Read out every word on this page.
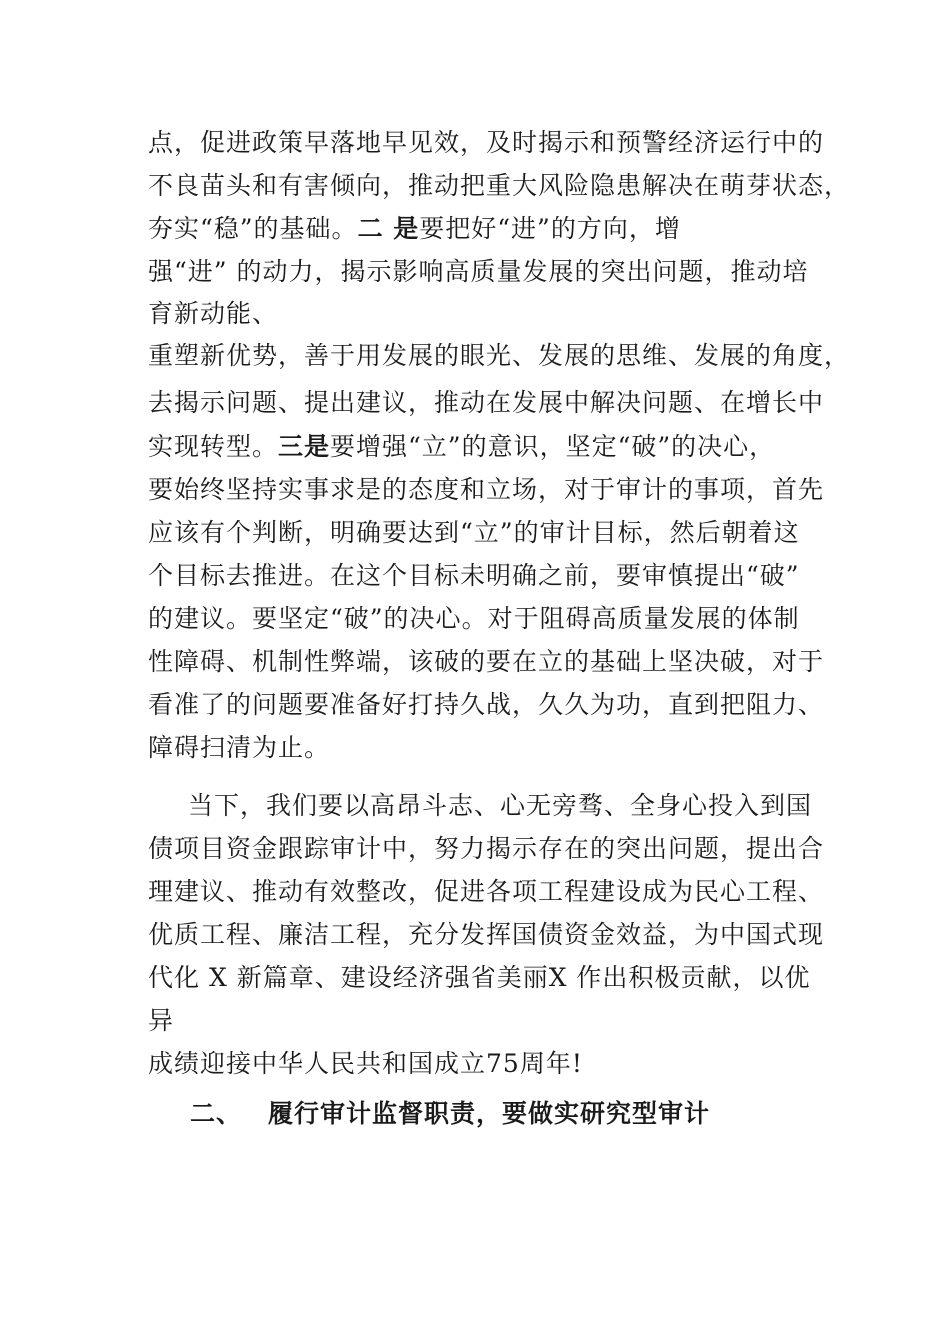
点，促进政策早落地早见效，及时揭示和预警经济运行中的
不良苗头和有害倾向，推动把重大风险隐患解决在萌芽状态，
夯实“稳”的基础。二 是要把好“进”的方向，增
强“进” 的动力，揭示影响高质量发展的突出问题，推动培
育新动能、
重塑新优势，善于用发展的眼光、发展的思维、发展的角度，
去揭示问题、提出建议，推动在发展中解决问题、在增长中
实现转型。三是要增强“立”的意识，坚定“破”的决心，
要始终坚持实事求是的态度和立场，对于审计的事项，首先
应该有个判断，明确要达到“立”的审计目标，然后朝着这
个目标去推进。在这个目标未明确之前，要审慎提出“破”
的建议。要坚定“破”的决心。对于阻碍高质量发展的体制
性障碍、机制性弊端，该破的要在立的基础上坚决破，对于
看准了的问题要准备好打持久战，久久为功，直到把阻力、
障碍扫清为止。
当下，我们要以高昂斗志、心无旁骛、全身心投入到国
债项目资金跟踪审计中，努力揭示存在的突出问题，提出合
理建议、推动有效整改，促进各项工程建设成为民心工程、
优质工程、廉洁工程，充分发挥国债资金效益，为中国式现
代化 X 新篇章、建设经济强省美丽X 作出积极贡献，以优
异
成绩迎接中华人民共和国成立75周年!
二、 履行审计监督职责，要做实研究型审计
